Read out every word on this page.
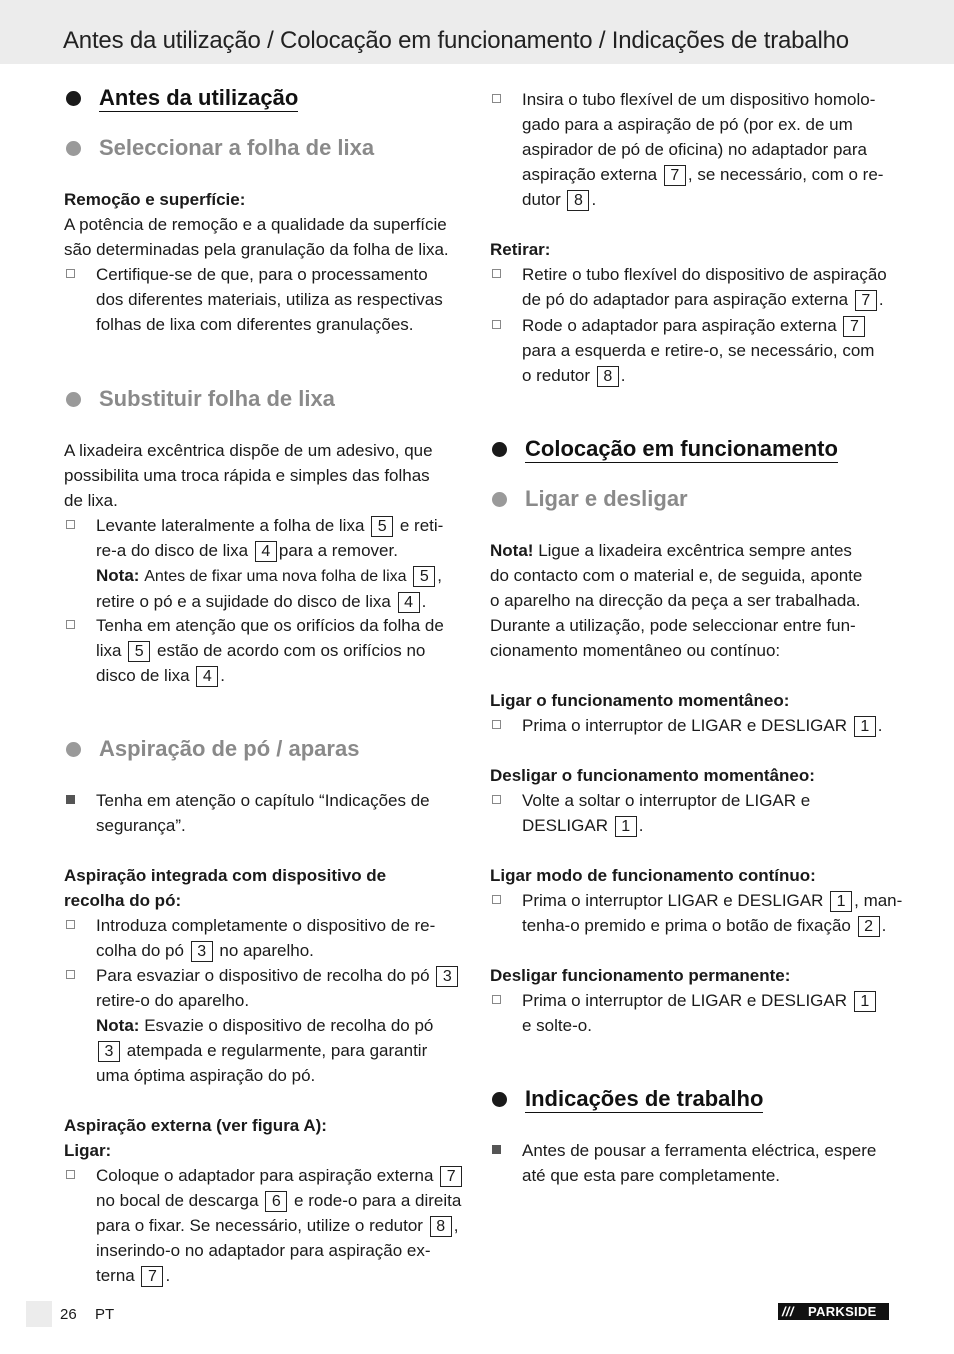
Antes da utilização / Colocação em funcionamento / Indicações de trabalho
Antes da utilização
Seleccionar a folha de lixa
Remoção e superfície:
A potência de remoção e a qualidade da superfície
são determinadas pela granulação da folha de lixa.
Certifique-se de que, para o processamento
dos diferentes materiais, utiliza as respectivas
folhas de lixa com diferentes granulações.
Substituir folha de lixa
A lixadeira excêntrica dispõe de um adesivo, que
possibilita uma troca rápida e simples das folhas
de lixa.
Levante lateralmente a folha de lixa 5 e reti-
re-a do disco de lixa 4 para a remover.
Nota: Antes de fixar uma nova folha de lixa 5 ,
retire o pó e a sujidade do disco de lixa 4 .
Tenha em atenção que os orifícios da folha de
lixa 5 estão de acordo com os orifícios no
disco de lixa 4 .
Aspiração de pó / aparas
Tenha em atenção o capítulo “Indicações de
segurança”.
Aspiração integrada com dispositivo de
recolha do pó:
Introduza completamente o dispositivo de re-
colha do pó 3 no aparelho.
Para esvaziar o dispositivo de recolha do pó 3
retire-o do aparelho.
Nota: Esvazie o dispositivo de recolha do pó
3 atempada e regularmente, para garantir
uma óptima aspiração do pó.
Aspiração externa (ver figura A):
Ligar:
Coloque o adaptador para aspiração externa 7
no bocal de descarga 6 e rode-o para a direita
para o fixar. Se necessário, utilize o redutor 8 ,
inserindo-o no adaptador para aspiração ex-
terna 7 .
Insira o tubo flexível de um dispositivo homolo-
gado para a aspiração de pó (por ex. de um
aspirador de pó de oficina) no adaptador para
aspiração externa 7 , se necessário, com o re-
dutor 8 .
Retirar:
Retire o tubo flexível do dispositivo de aspiração
de pó do adaptador para aspiração externa 7 .
Rode o adaptador para aspiração externa 7
para a esquerda e retire-o, se necessário, com
o redutor 8 .
Colocação em funcionamento
Ligar e desligar
Nota! Ligue a lixadeira excêntrica sempre antes
do contacto com o material e, de seguida, aponte
o aparelho na direcção da peça a ser trabalhada.
Durante a utilização, pode seleccionar entre fun-
cionamento momentâneo ou contínuo:
Ligar o funcionamento momentâneo:
Prima o interruptor de LIGAR e DESLIGAR 1 .
Desligar o funcionamento momentâneo:
Volte a soltar o interruptor de LIGAR e
DESLIGAR 1 .
Ligar modo de funcionamento contínuo:
Prima o interruptor LIGAR e DESLIGAR 1 , man-
tenha-o premido e prima o botão de fixação 2 .
Desligar funcionamento permanente:
Prima o interruptor de LIGAR e DESLIGAR 1
e solte-o.
Indicações de trabalho
Antes de pousar a ferramenta eléctrica, espere
até que esta pare completamente.
26 PT	/// PARKSIDE
